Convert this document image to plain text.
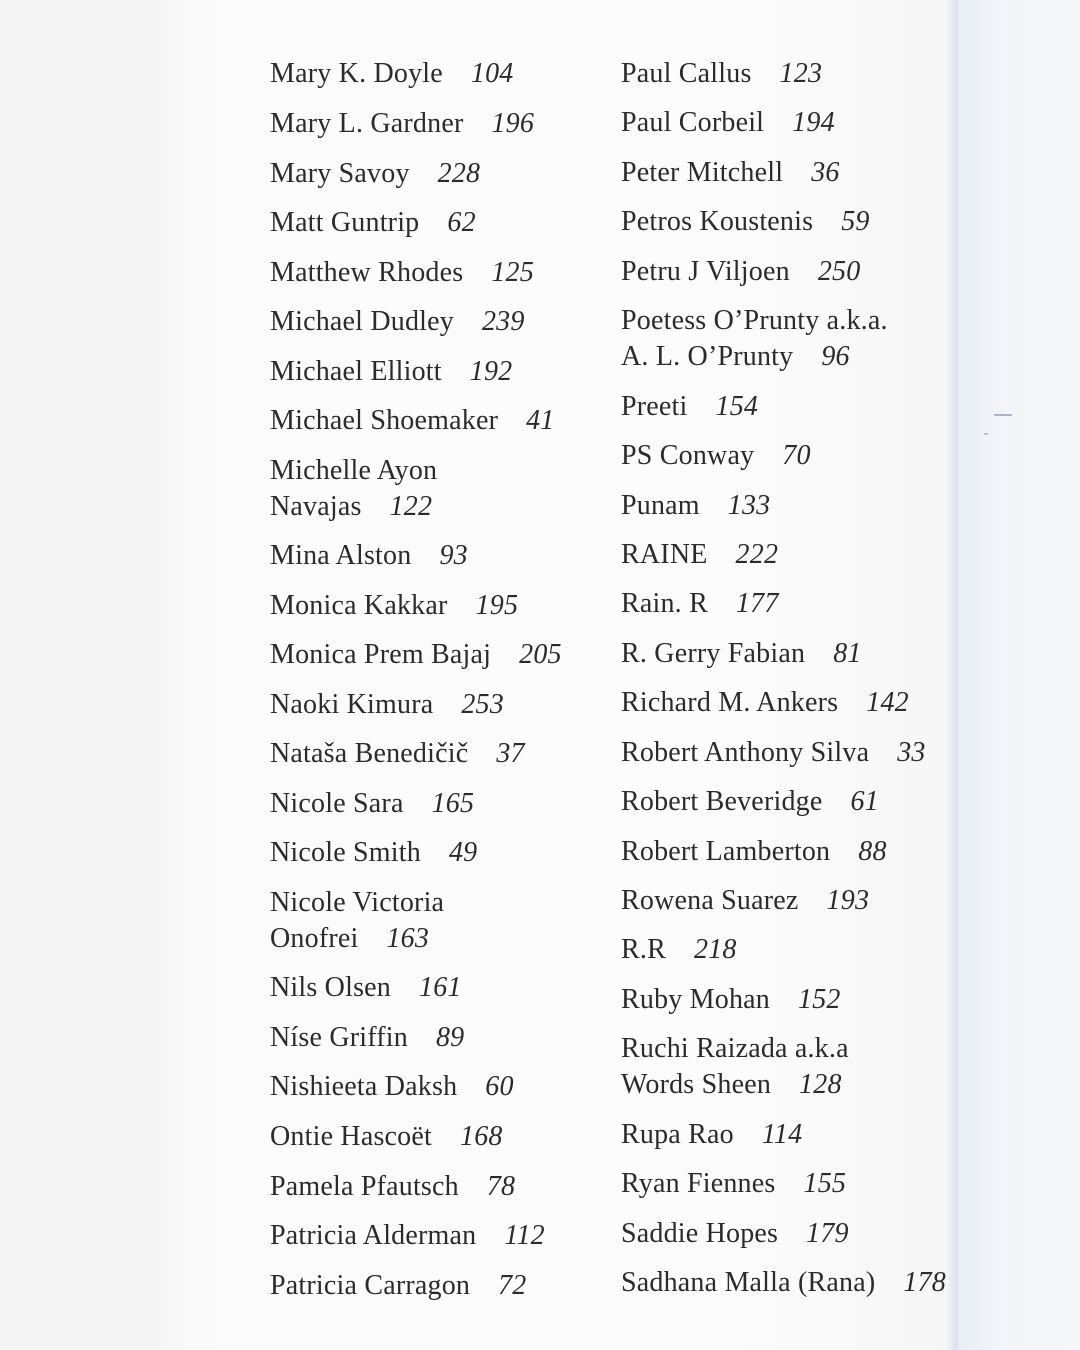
Mary K. Doyle 104
Mary L. Gardner 196
Mary Savoy 228
Matt Guntrip 62
Matthew Rhodes 125
Michael Dudley 239
Michael Elliott 192
Michael Shoemaker 41
Michelle Ayon
Navajas 122
Mina Alston 93
Monica Kakkar 195
Monica Prem Bajaj 205
Naoki Kimura 253
Nataša Benedičič 37
Nicole Sara 165
Nicole Smith 49
Nicole Victoria
Onofrei 163
Nils Olsen 161
Níse Griffin 89
Nishieeta Daksh 60
Ontie Hascoët 168
Pamela Pfautsch 78
Patricia Alderman 112
Patricia Carragon 72
Paul Callus 123
Paul Corbeil 194
Peter Mitchell 36
Petros Koustenis 59
Petru J Viljoen 250
Poetess O’Prunty a.k.a.
A. L. O’Prunty 96
Preeti 154
PS Conway 70
Punam 133
RAINE 222
Rain. R 177
R. Gerry Fabian 81
Richard M. Ankers 142
Robert Anthony Silva 33
Robert Beveridge 61
Robert Lamberton 88
Rowena Suarez 193
R.R 218
Ruby Mohan 152
Ruchi Raizada a.k.a
Words Sheen 128
Rupa Rao 114
Ryan Fiennes 155
Saddie Hopes 179
Sadhana Malla (Rana) 178
